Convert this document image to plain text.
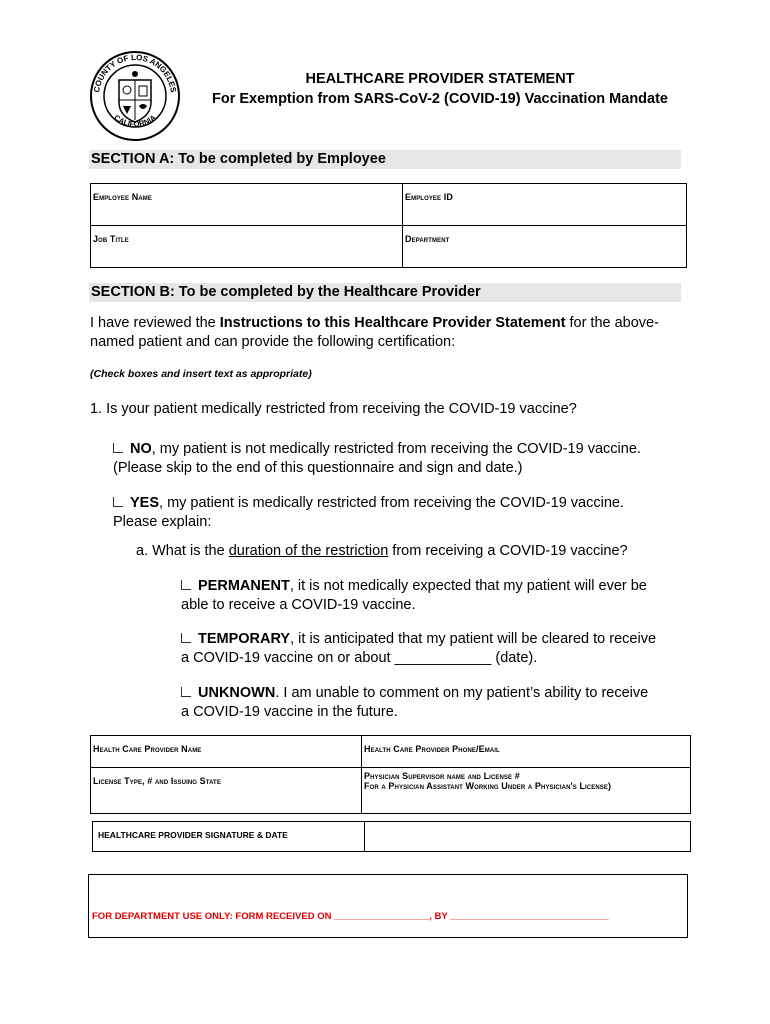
COUNTY OF LOS ANGELES
CALIFORNIA
HEALTHCARE PROVIDER STATEMENT
For Exemption from SARS-CoV-2 (COVID-19) Vaccination Mandate
SECTION A: To be completed by Employee
Employee Name	Employee ID
Job Title	Department
SECTION B: To be completed by the Healthcare Provider
I have reviewed the Instructions to this Healthcare Provider Statement for the above-named patient and can provide the following certification:
(Check boxes and insert text as appropriate)
1. Is your patient medically restricted from receiving the COVID-19 vaccine?
NO, my patient is not medically restricted from receiving the COVID-19 vaccine.
(Please skip to the end of this questionnaire and sign and date.)
YES, my patient is medically restricted from receiving the COVID-19 vaccine.
Please explain:
a. What is the duration of the restriction from receiving a COVID-19 vaccine?
PERMANENT, it is not medically expected that my patient will ever be
able to receive a COVID-19 vaccine.
TEMPORARY, it is anticipated that my patient will be cleared to receive
a COVID-19 vaccine on or about ____________ (date).
UNKNOWN. I am unable to comment on my patient’s ability to receive
a COVID-19 vaccine in the future.
Health Care Provider Name	Health Care Provider Phone/Email
License Type, # and Issuing State	Physician Supervisor name and License #
For a Physician Assistant Working Under a Physician's License)
HEALTHCARE PROVIDER SIGNATURE & DATE	
FOR DEPARTMENT USE ONLY: FORM RECEIVED ON __________________, BY ______________________________
